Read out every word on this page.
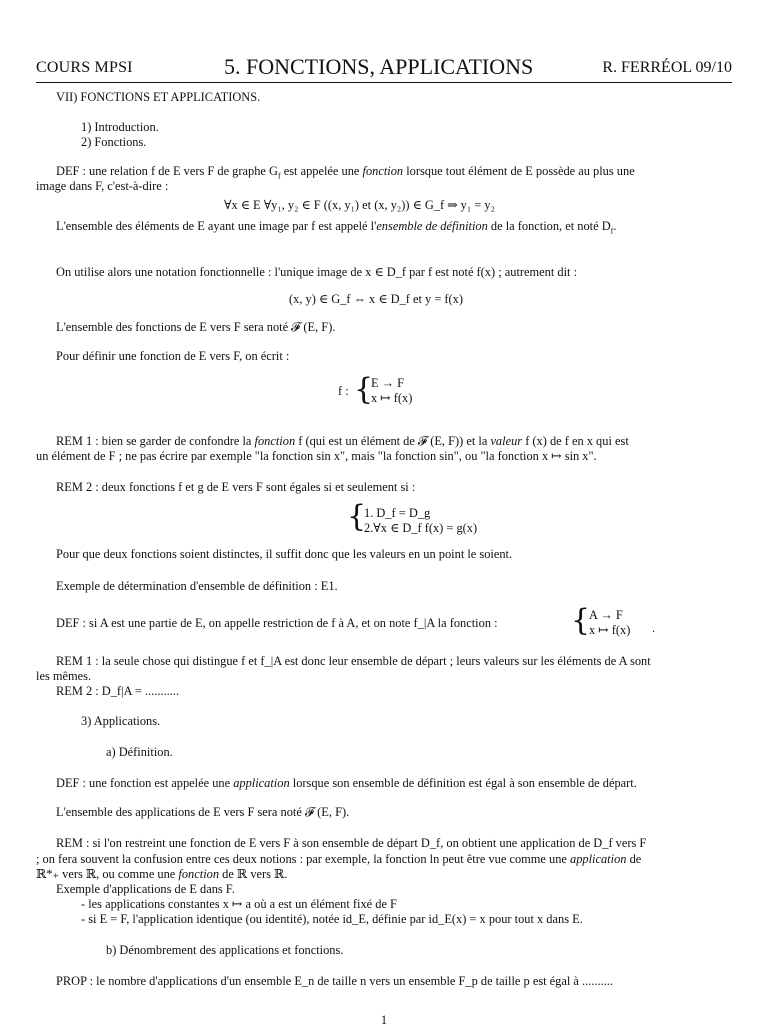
COURS MPSI	5. FONCTIONS, APPLICATIONS	R. FERRÉOL 09/10
VII) FONCTIONS ET APPLICATIONS.
1) Introduction.
2) Fonctions.
DEF : une relation f de E vers F de graphe $G_f$ est appelée une fonction lorsque tout élément de E possède au plus une
image dans F, c'est-à-dire :
∀x ∈ E ∀y₁, y₂ ∈ F ((x, y₁) et (x, y₂)) ∈ G_f ⇒ y₁ = y₂
L'ensemble des éléments de E ayant une image par f est appelé l'ensemble de définition de la fonction, et noté $D_f$.
On utilise alors une notation fonctionnelle : l'unique image de x ∈ D_f par f est noté f(x) ; autrement dit :
(x, y) ∈ G_f ⇔ x ∈ D_f et y = f(x)
L'ensemble des fonctions de E vers F sera noté 𝓕 (E, F).
Pour définir une fonction de E vers F, on écrit :
f : {
E → F
x ↦ f(x)
REM 1 : bien se garder de confondre la fonction f (qui est un élément de 𝓕 (E, F)) et la valeur f (x) de f en x qui est
un élément de F ; ne pas écrire par exemple "la fonction sin x", mais "la fonction sin", ou "la fonction x ↦ sin x".
REM 2 : deux fonctions f et g de E vers F sont égales si et seulement si :
{
1. D_f = D_g
2.∀x ∈ D_f f(x) = g(x)
Pour que deux fonctions soient distinctes, il suffit donc que les valeurs en un point le soient.
Exemple de détermination d'ensemble de définition : E1.
DEF : si A est une partie de E, on appelle restriction de f à A, et on note f_|A la fonction : {
A → F
x ↦ f(x) .
REM 1 : la seule chose qui distingue f et f_|A est donc leur ensemble de départ ; leurs valeurs sur les éléments de A sont
les mêmes.
REM 2 : D_f|A = ...........
3) Applications.
a) Définition.
DEF : une fonction est appelée une application lorsque son ensemble de définition est égal à son ensemble de départ.
L'ensemble des applications de E vers F sera noté 𝓕 (E, F).
REM : si l'on restreint une fonction de E vers F à son ensemble de départ D_f, on obtient une application de D_f vers F
; on fera souvent la confusion entre ces deux notions : par exemple, la fonction ln peut être vue comme une application de
ℝ*₊ vers ℝ, ou comme une fonction de ℝ vers ℝ.
Exemple d'applications de E dans F.
- les applications constantes x ↦ a où a est un élément fixé de F
- si E = F, l'application identique (ou identité), notée id_E, définie par id_E(x) = x pour tout x dans E.
b) Dénombrement des applications et fonctions.
PROP : le nombre d'applications d'un ensemble E_n de taille n vers un ensemble F_p de taille p est égal à ..........
1
